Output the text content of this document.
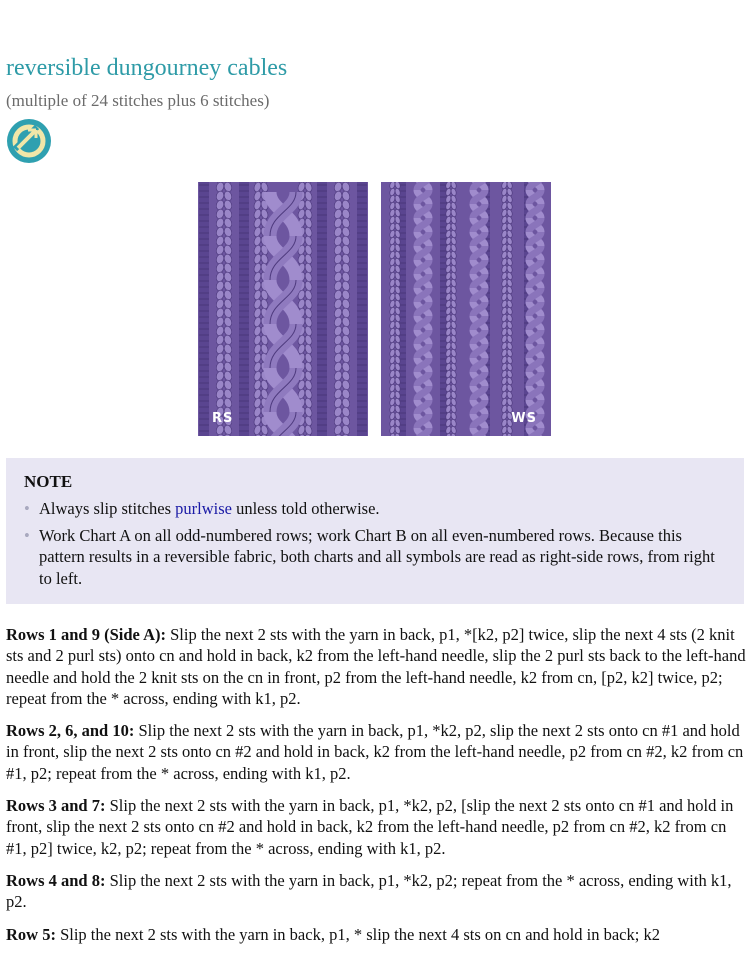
reversible dungourney cables

(multiple of 24 stitches plus 6 stitches)

RS	WS
NOTE
• Always slip stitches purlwise unless told otherwise.
• Work Chart A on all odd-numbered rows; work Chart B on all even-numbered rows. Because this pattern results in a reversible fabric, both charts and all symbols are read as right-side rows, from right to left.

Rows 1 and 9 (Side A): Slip the next 2 sts with the yarn in back, p1, *[k2, p2] twice, slip the next 4 sts (2 knit sts and 2 purl sts) onto cn and hold in back, k2 from the left-hand needle, slip the 2 purl sts back to the left-hand needle and hold the 2 knit sts on the cn in front, p2 from the left-hand needle, k2 from cn, [p2, k2] twice, p2; repeat from the * across, ending with k1, p2.

Rows 2, 6, and 10: Slip the next 2 sts with the yarn in back, p1, *k2, p2, slip the next 2 sts onto cn #1 and hold in front, slip the next 2 sts onto cn #2 and hold in back, k2 from the left-hand needle, p2 from cn #2, k2 from cn #1, p2; repeat from the * across, ending with k1, p2.

Rows 3 and 7: Slip the next 2 sts with the yarn in back, p1, *k2, p2, [slip the next 2 sts onto cn #1 and hold in front, slip the next 2 sts onto cn #2 and hold in back, k2 from the left-hand needle, p2 from cn #2, k2 from cn #1, p2] twice, k2, p2; repeat from the * across, ending with k1, p2.

Rows 4 and 8: Slip the next 2 sts with the yarn in back, p1, *k2, p2; repeat from the * across, ending with k1, p2.

Row 5: Slip the next 2 sts with the yarn in back, p1, * slip the next 4 sts on cn and hold in back; k2
